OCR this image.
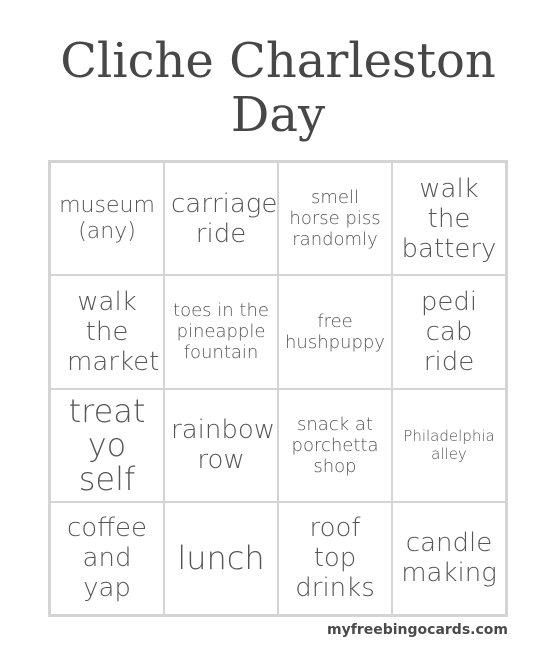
Cliche Charleston
Day
museum (any)
carriage ride
smell horse piss randomly
walk the battery
walk the market
toes in the pineapple fountain
free hushpuppy
pedi cab ride
treat yo self
rainbow row
snack at porchetta shop
Philadelphia alley
coffee and yap
lunch
roof top drinks
candle making
myfreebingocards.com
